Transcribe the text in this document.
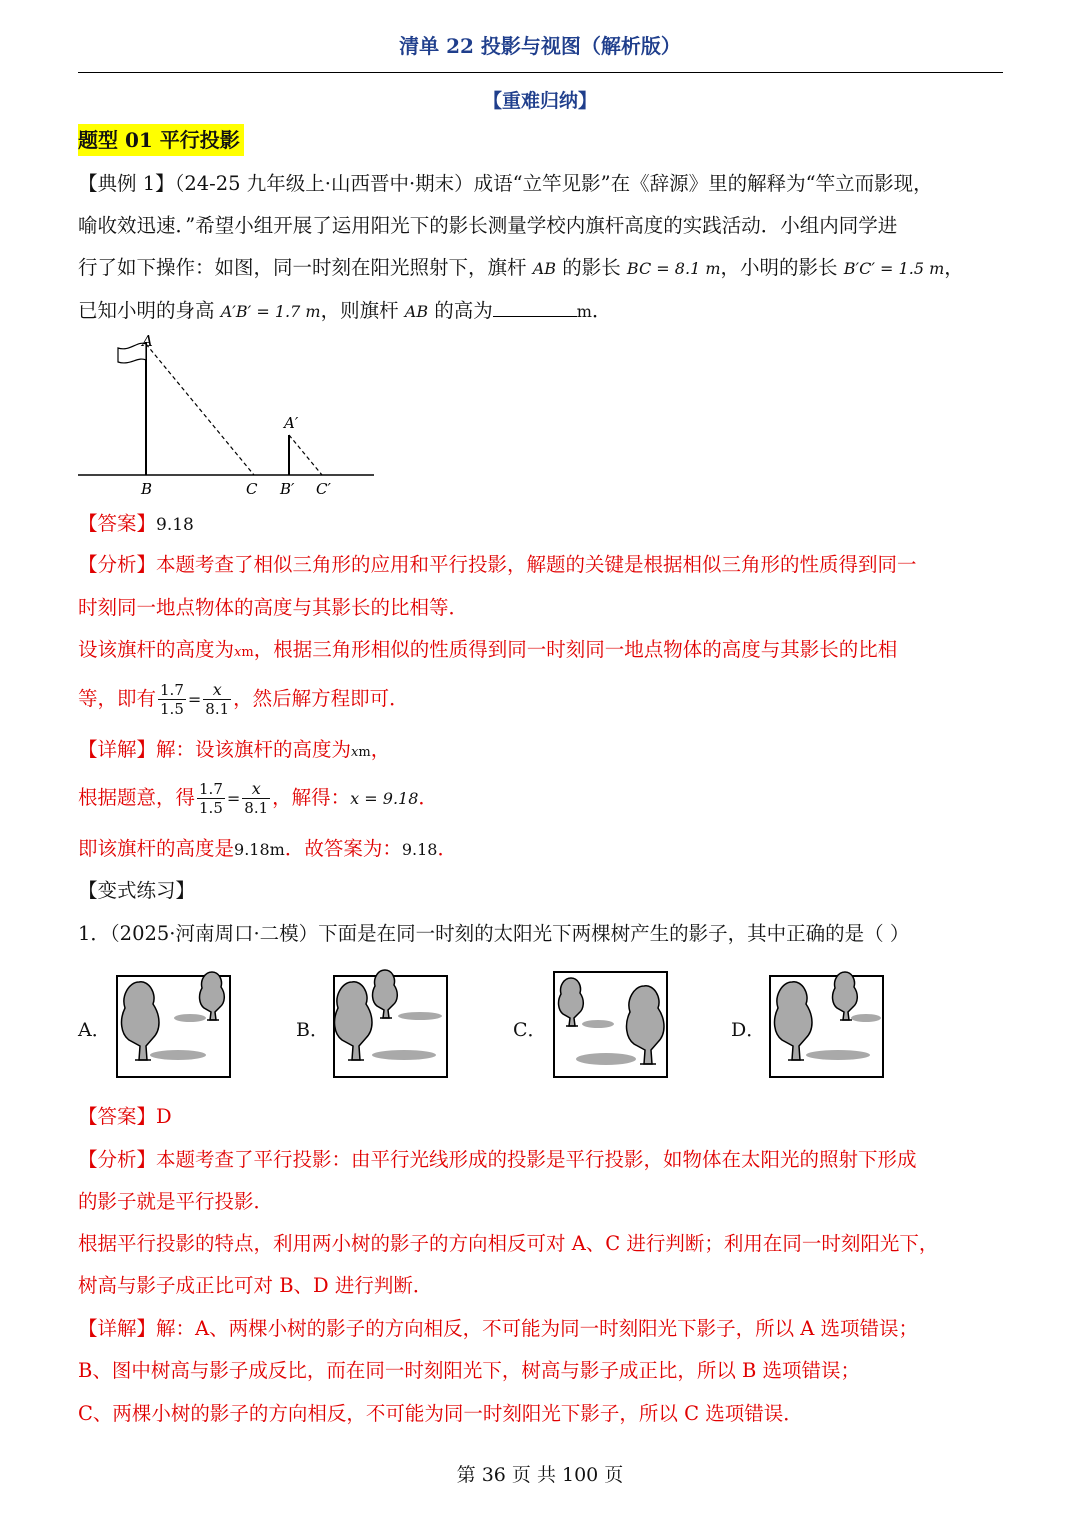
清单 22 投影与视图（解析版）
【重难归纳】
题型 01 平行投影
【典例 1】（24-25 九年级上·山西晋中·期末）成语“立竿见影”在《辞源》里的解释为“竿立而影现，
喻收效迅速．”希望小组开展了运用阳光下的影长测量学校内旗杆高度的实践活动．小组内同学进
行了如下操作：如图，同一时刻在阳光照射下，旗杆 AB 的影长 BC = 8.1 m，小明的影长 B′C′ = 1.5 m，
已知小明的身高 A′B′ = 1.7 m，则旗杆 AB 的高为	m．
A
B	C
A′
B′ C′
【答案】9.18
【分析】本题考查了相似三角形的应用和平行投影，解题的关键是根据相似三角形的性质得到同一
时刻同一地点物体的高度与其影长的比相等．
设该旗杆的高度为xm，根据三角形相似的性质得到同一时刻同一地点物体的高度与其影长的比相
等，即有 $\frac{1.7}{1.5} = \frac{x}{8.1}$ ，然后解方程即可．
【详解】解：设该旗杆的高度为xm，
根据题意，得 $\frac{1.7}{1.5} = \frac{x}{8.1}$ ，解得：x = 9.18．
即该旗杆的高度是9.18m．故答案为：9.18．
【变式练习】
1．（2025·河南周口·二模）下面是在同一时刻的太阳光下两棵树产生的影子，其中正确的是（ ）
A．	B．	C．	D．
【答案】D
【分析】本题考查了平行投影：由平行光线形成的投影是平行投影，如物体在太阳光的照射下形成
的影子就是平行投影．
根据平行投影的特点，利用两小树的影子的方向相反可对 A、C 进行判断；利用在同一时刻阳光下，
树高与影子成正比可对 B、D 进行判断．
【详解】解：A、两棵小树的影子的方向相反，不可能为同一时刻阳光下影子，所以 A 选项错误；
B、图中树高与影子成反比，而在同一时刻阳光下，树高与影子成正比，所以 B 选项错误；
C、两棵小树的影子的方向相反，不可能为同一时刻阳光下影子，所以 C 选项错误．
第 36 页 共 100 页
